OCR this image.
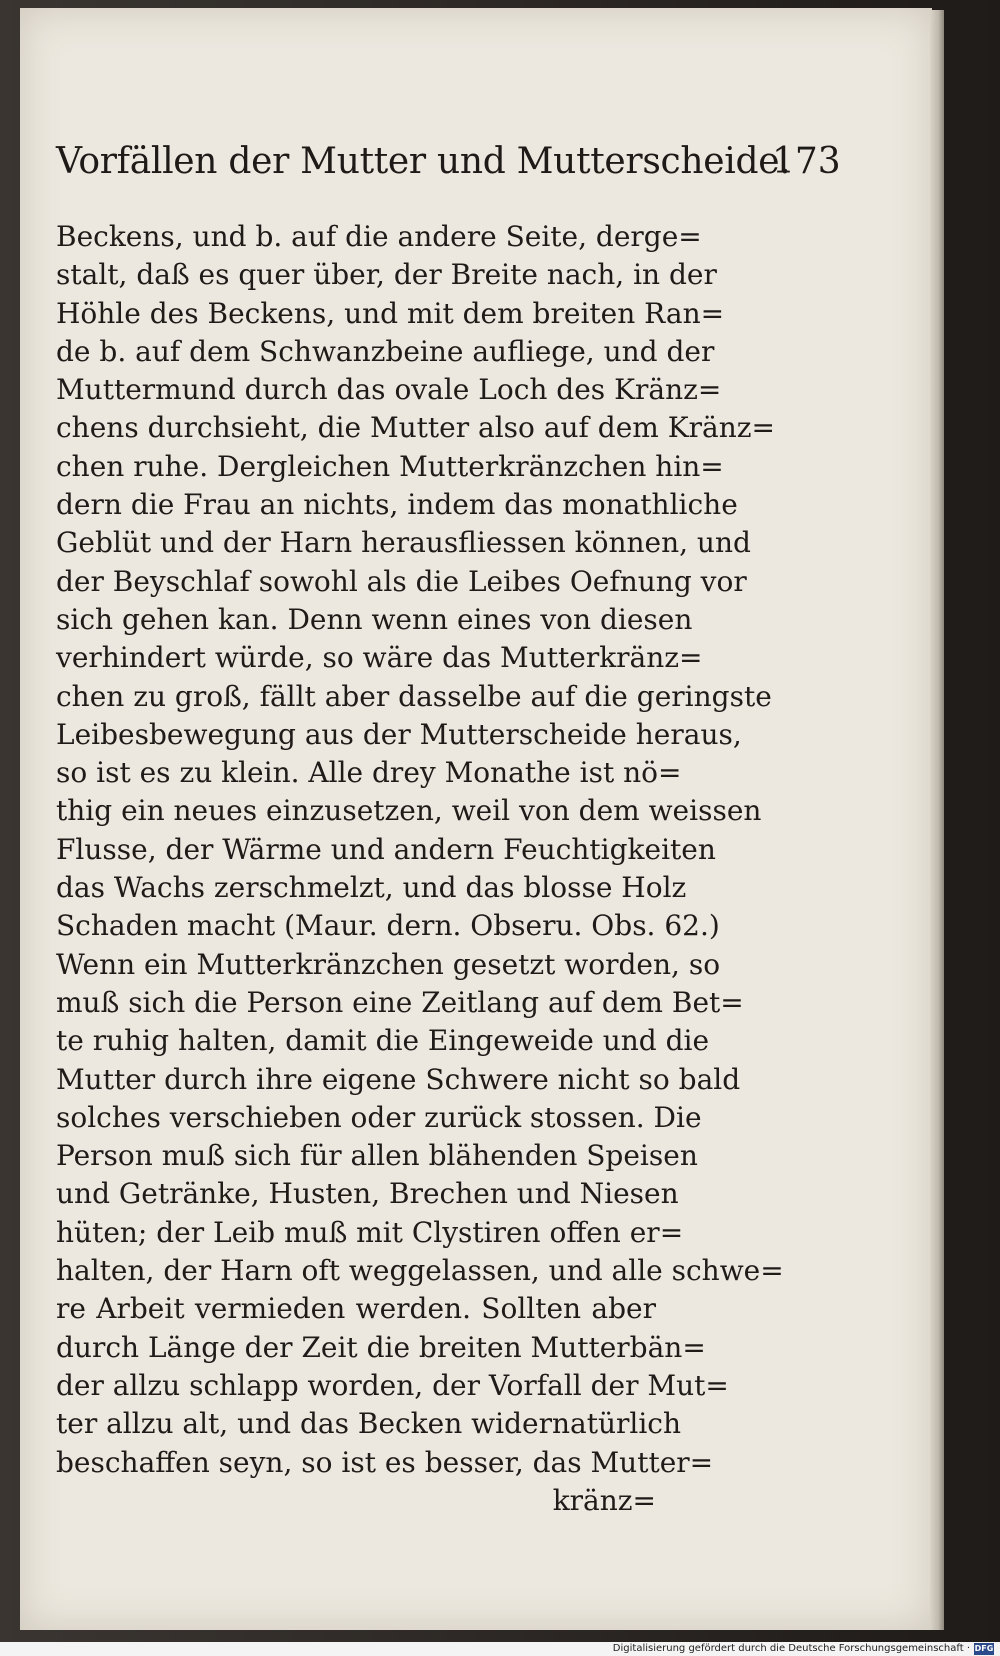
Vorfällen der Mutter und Mutterscheide.
173
Beckens, und b. auf die andere Seite, derge=
stalt, daß es quer über, der Breite nach, in der
Höhle des Beckens, und mit dem breiten Ran=
de b. auf dem Schwanzbeine aufliege, und der
Muttermund durch das ovale Loch des Kränz=
chens durchsieht, die Mutter also auf dem Kränz=
chen ruhe. Dergleichen Mutterkränzchen hin=
dern die Frau an nichts, indem das monathliche
Geblüt und der Harn herausfliessen können, und
der Beyschlaf sowohl als die Leibes Oefnung vor
sich gehen kan. Denn wenn eines von diesen
verhindert würde, so wäre das Mutterkränz=
chen zu groß, fällt aber dasselbe auf die geringste
Leibesbewegung aus der Mutterscheide heraus,
so ist es zu klein. Alle drey Monathe ist nö=
thig ein neues einzusetzen, weil von dem weissen
Flusse, der Wärme und andern Feuchtigkeiten
das Wachs zerschmelzt, und das blosse Holz
Schaden macht (Maur. dern. Obseru. Obs. 62.)
Wenn ein Mutterkränzchen gesetzt worden, so
muß sich die Person eine Zeitlang auf dem Bet=
te ruhig halten, damit die Eingeweide und die
Mutter durch ihre eigene Schwere nicht so bald
solches verschieben oder zurück stossen. Die
Person muß sich für allen blähenden Speisen
und Getränke, Husten, Brechen und Niesen
hüten; der Leib muß mit Clystiren offen er=
halten, der Harn oft weggelassen, und alle schwe=
re Arbeit vermieden werden. Sollten aber
durch Länge der Zeit die breiten Mutterbän=
der allzu schlapp worden, der Vorfall der Mut=
ter allzu alt, und das Becken widernatürlich
beschaffen seyn, so ist es besser, das Mutter=
kränz=
Digitalisierung gefördert durch die Deutsche Forschungsgemeinschaft · DFG
